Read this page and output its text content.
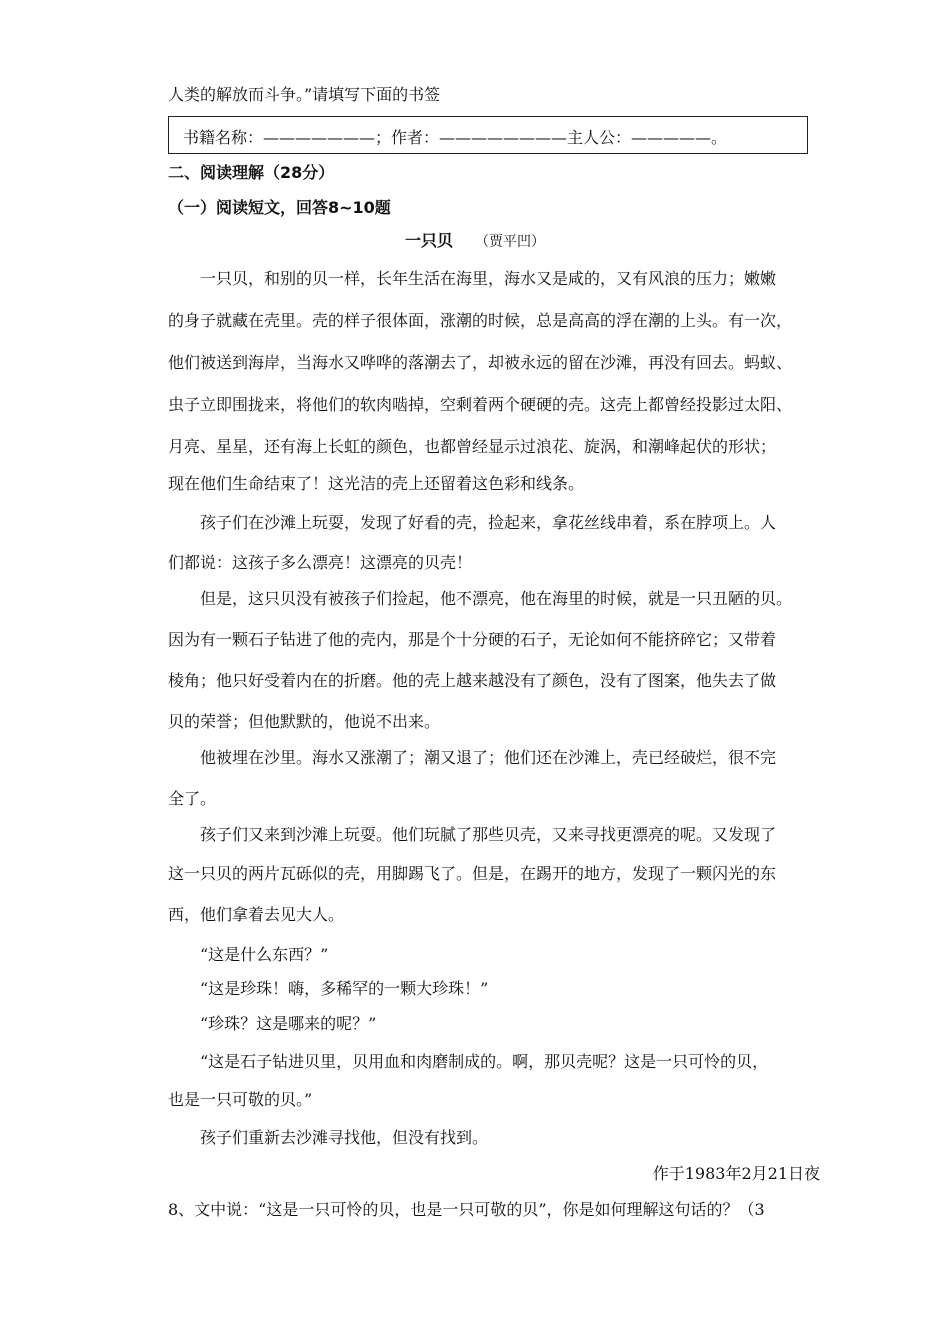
人类的解放而斗争。”请填写下面的书签
书籍名称：———————；作者：————————主人公：—————。
二、阅读理解（28分）
（一）阅读短文，回答8~10题
一只贝 （贾平凹）
一只贝，和别的贝一样，长年生活在海里，海水又是咸的，又有风浪的压力；嫩嫩
的身子就藏在壳里。壳的样子很体面，涨潮的时候，总是高高的浮在潮的上头。有一次，
他们被送到海岸，当海水又哗哗的落潮去了，却被永远的留在沙滩，再没有回去。蚂蚁、
虫子立即围拢来，将他们的软肉啮掉，空剩着两个硬硬的壳。这壳上都曾经投影过太阳、
月亮、星星，还有海上长虹的颜色，也都曾经显示过浪花、旋涡，和潮峰起伏的形状；
现在他们生命结束了！这光洁的壳上还留着这色彩和线条。
孩子们在沙滩上玩耍，发现了好看的壳，捡起来，拿花丝线串着，系在脖项上。人
们都说：这孩子多么漂亮！这漂亮的贝壳！
但是，这只贝没有被孩子们捡起，他不漂亮，他在海里的时候，就是一只丑陋的贝。
因为有一颗石子钻进了他的壳内，那是个十分硬的石子，无论如何不能挤碎它；又带着
棱角；他只好受着内在的折磨。他的壳上越来越没有了颜色，没有了图案，他失去了做
贝的荣誉；但他默默的，他说不出来。
他被埋在沙里。海水又涨潮了；潮又退了；他们还在沙滩上，壳已经破烂，很不完
全了。
孩子们又来到沙滩上玩耍。他们玩腻了那些贝壳，又来寻找更漂亮的呢。又发现了
这一只贝的两片瓦砾似的壳，用脚踢飞了。但是，在踢开的地方，发现了一颗闪光的东
西，他们拿着去见大人。
“这是什么东西？”
“这是珍珠！嗨，多稀罕的一颗大珍珠！”
“珍珠？这是哪来的呢？”
“这是石子钻进贝里，贝用血和肉磨制成的。啊，那贝壳呢？这是一只可怜的贝，
也是一只可敬的贝。”
孩子们重新去沙滩寻找他，但没有找到。
作于1983年2月21日夜
8、文中说：“这是一只可怜的贝，也是一只可敬的贝”，你是如何理解这句话的？（3
